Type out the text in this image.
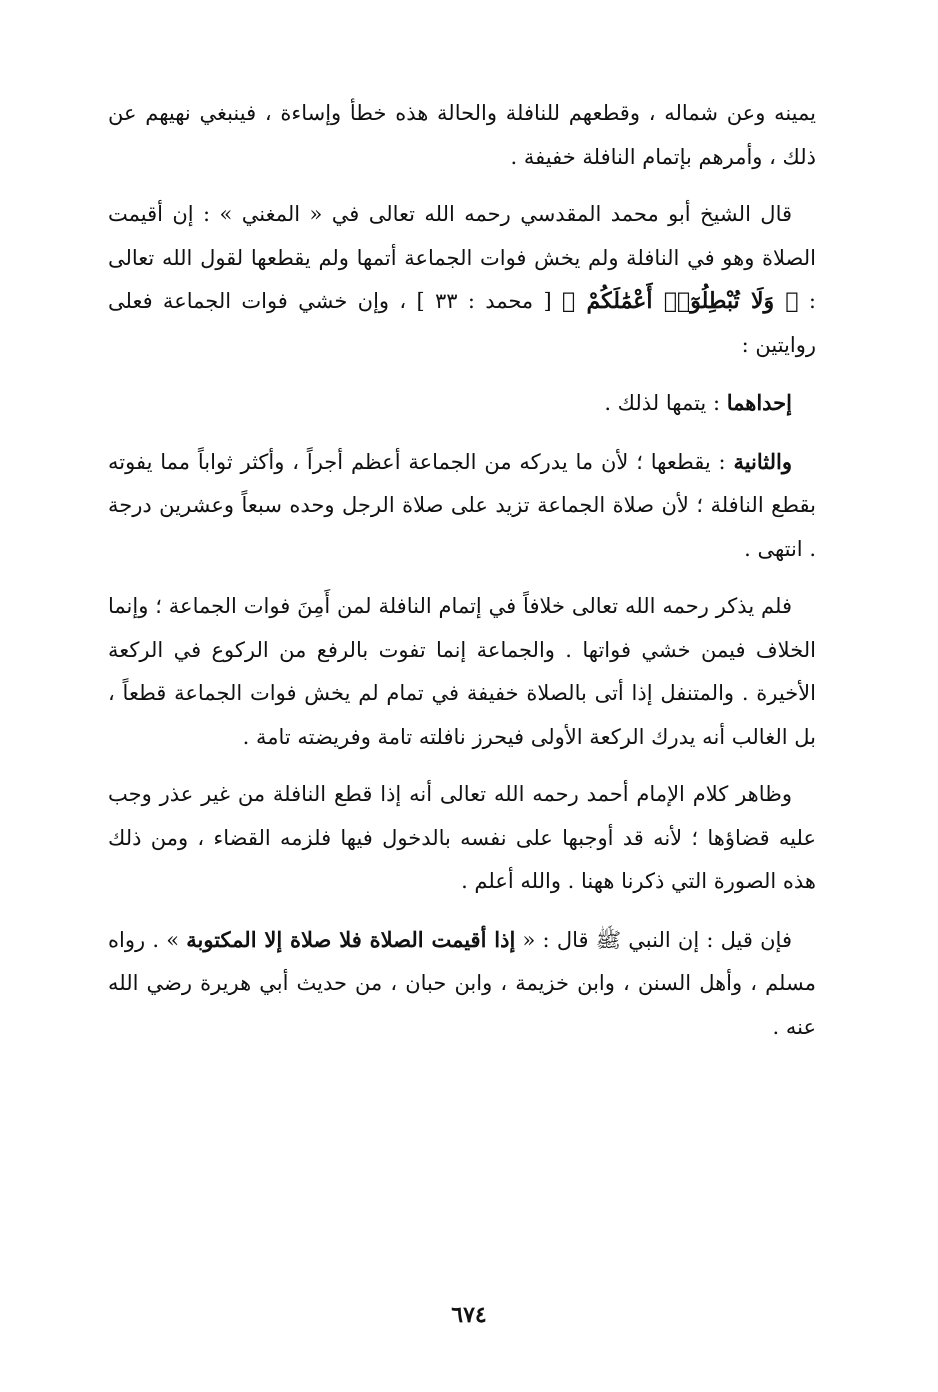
يمينه وعن شماله ، وقطعهم للنافلة والحالة هذه خطأ وإساءة ، فينبغي نهيهم عن ذلك ، وأمرهم بإتمام النافلة خفيفة .

قال الشيخ أبو محمد المقدسي رحمه الله تعالى في « المغني » : إن أقيمت الصلاة وهو في النافلة ولم يخش فوات الجماعة أتمها ولم يقطعها لقول الله تعالى : ﴿ وَلَا تُبْطِلُوٓا۟ أَعْمَٰلَكُمْ ﴾ [ محمد : ٣٣ ] ، وإن خشي فوات الجماعة فعلى روايتين :

إحداهما : يتمها لذلك .

والثانية : يقطعها ؛ لأن ما يدركه من الجماعة أعظم أجراً ، وأكثر ثواباً مما يفوته بقطع النافلة ؛ لأن صلاة الجماعة تزيد على صلاة الرجل وحده سبعاً وعشرين درجة . انتهى .

فلم يذكر رحمه الله تعالى خلافاً في إتمام النافلة لمن أَمِنَ فوات الجماعة ؛ وإنما الخلاف فيمن خشي فواتها . والجماعة إنما تفوت بالرفع من الركوع في الركعة الأخيرة . والمتنفل إذا أتى بالصلاة خفيفة في تمام لم يخش فوات الجماعة قطعاً ، بل الغالب أنه يدرك الركعة الأولى فيحرز نافلته تامة وفريضته تامة .

وظاهر كلام الإمام أحمد رحمه الله تعالى أنه إذا قطع النافلة من غير عذر وجب عليه قضاؤها ؛ لأنه قد أوجبها على نفسه بالدخول فيها فلزمه القضاء ، ومن ذلك هذه الصورة التي ذكرنا ههنا . والله أعلم .

فإن قيل : إن النبي ﷺ قال : « إذا أقيمت الصلاة فلا صلاة إلا المكتوبة » . رواه مسلم ، وأهل السنن ، وابن خزيمة ، وابن حبان ، من حديث أبي هريرة رضي الله عنه .

٦٧٤
